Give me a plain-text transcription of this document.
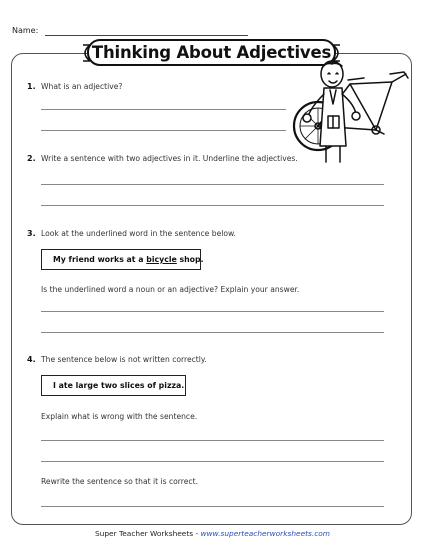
Name:
Thinking About Adjectives
1. What is an adjective?
2. Write a sentence with two adjectives in it. Underline the adjectives.
3. Look at the underlined word in the sentence below.
My friend works at a bicycle shop.
Is the underlined word a noun or an adjective? Explain your answer.
4. The sentence below is not written correctly.
I ate large two slices of pizza.
Explain what is wrong with the sentence.
Rewrite the sentence so that it is correct.
Super Teacher Worksheets - www.superteacherworksheets.com
